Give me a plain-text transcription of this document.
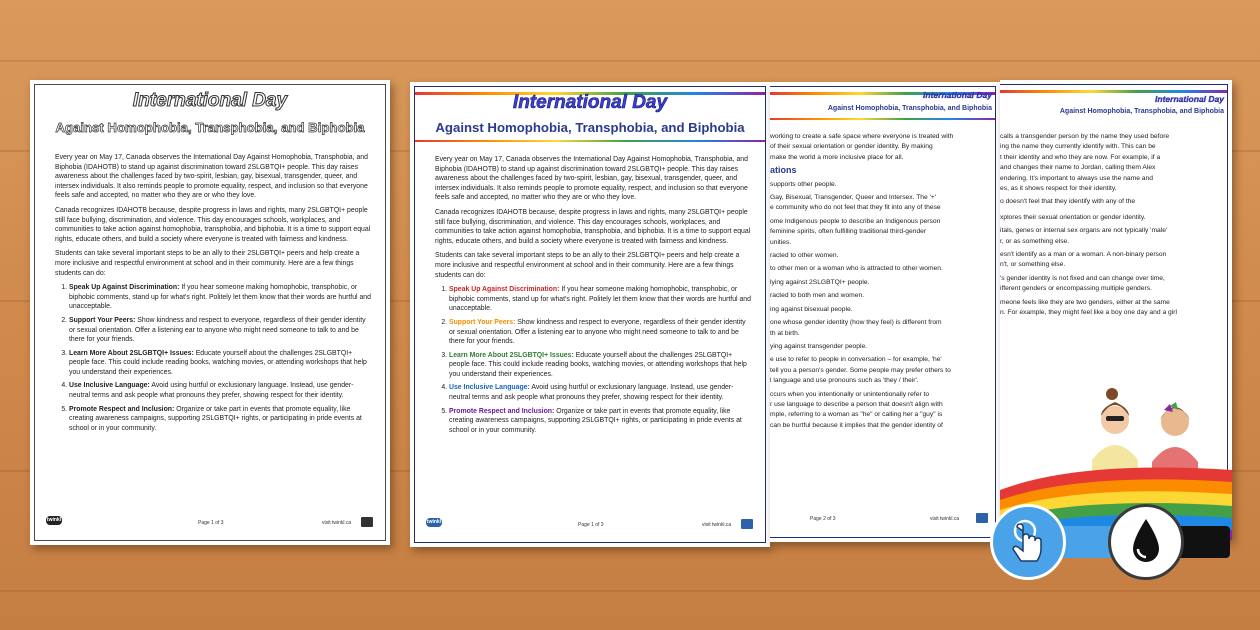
International Day
Against Homophobia, Transphobia, and Biphobia

Every year on May 17, Canada observes the International Day Against Homophobia, Transphobia, and Biphobia (IDAHOTB) to stand up against discrimination toward 2SLGBTQI+ people. This day raises awareness about the challenges faced by two-spirit, lesbian, gay, bisexual, transgender, queer, and intersex individuals. It also reminds people to promote equality, respect, and inclusion so that everyone feels safe and accepted, no matter who they are or who they love.

Canada recognizes IDAHOTB because, despite progress in laws and rights, many 2SLGBTQI+ people still face bullying, discrimination, and violence. This day encourages schools, workplaces, and communities to take action against homophobia, transphobia, and biphobia. It is a time to support equal rights, educate others, and build a society where everyone is treated with fairness and kindness.

Students can take several important steps to be an ally to their 2SLGBTQI+ peers and help create a more inclusive and respectful environment at school and in their community. Here are a few things students can do:

1. Speak Up Against Discrimination: If you hear someone making homophobic, transphobic, or biphobic comments, stand up for what's right. Politely let them know that their words are hurtful and unacceptable.
2. Support Your Peers: Show kindness and respect to everyone, regardless of their gender identity or sexual orientation. Offer a listening ear to anyone who might need someone to talk to and be there for your friends.
3. Learn More About 2SLGBTQI+ Issues: Educate yourself about the challenges 2SLGBTQI+ people face. This could include reading books, watching movies, or attending workshops that help you understand their experiences.
4. Use Inclusive Language: Avoid using hurtful or exclusionary language. Instead, use gender-neutral terms and ask people what pronouns they prefer, showing respect for their identity.
5. Promote Respect and Inclusion: Organize or take part in events that promote equality, like creating awareness campaigns, supporting 2SLGBTQI+ rights, or participating in pride events at school or in your community.
twinkl	Page 1 of 3	visit twinkl.ca
International Day
Against Homophobia, Transphobia, and Biphobia

Every year on May 17, Canada observes the International Day Against Homophobia, Transphobia, and Biphobia (IDAHOTB) to stand up against discrimination toward 2SLGBTQI+ people. This day raises awareness about the challenges faced by two-spirit, lesbian, gay, bisexual, transgender, queer, and intersex individuals. It also reminds people to promote equality, respect, and inclusion so that everyone feels safe and accepted, no matter who they are or who they love.

Canada recognizes IDAHOTB because, despite progress in laws and rights, many 2SLGBTQI+ people still face bullying, discrimination, and violence. This day encourages schools, workplaces, and communities to take action against homophobia, transphobia, and biphobia. It is a time to support equal rights, educate others, and build a society where everyone is treated with fairness and kindness.

Students can take several important steps to be an ally to their 2SLGBTQI+ peers and help create a more inclusive and respectful environment at school and in their community. Here are a few things students can do:

1. Speak Up Against Discrimination: If you hear someone making homophobic, transphobic, or biphobic comments, stand up for what's right. Politely let them know that their words are hurtful and unacceptable.
2. Support Your Peers: Show kindness and respect to everyone, regardless of their gender identity or sexual orientation. Offer a listening ear to anyone who might need someone to talk to and be there for your friends.
3. Learn More About 2SLGBTQI+ Issues: Educate yourself about the challenges 2SLGBTQI+ people face. This could include reading books, watching movies, or attending workshops that help you understand their experiences.
4. Use Inclusive Language: Avoid using hurtful or exclusionary language. Instead, use gender-neutral terms and ask people what pronouns they prefer, showing respect for their identity.
5. Promote Respect and Inclusion: Organize or take part in events that promote equality, like creating awareness campaigns, supporting 2SLGBTQI+ rights, or participating in pride events at school or in your community.
twinkl	Page 1 of 3	visit twinkl.ca
International Day
Against Homophobia, Transphobia, and Biphobia

working to create a safe space where everyone is treated with

of their sexual orientation or gender identity. By making

make the world a more inclusive place for all.

ations

supports other people.

Gay, Bisexual, Transgender, Queer and Intersex. The '+'

e community who do not feel that they fit into any of these

ome Indigenous people to describe an Indigenous person

feminine spirits, often fulfilling traditional third-gender

unities.

racted to other women.

to other men or a woman who is attracted to other women.

lying against 2SLGBTQI+ people.

racted to both men and women.

ing against bisexual people.

one whose gender identity (how they feel) is different from

th at birth.

ying against transgender people.

e use to refer to people in conversation – for example, 'he'

tell you a person's gender. Some people may prefer others to

l language and use pronouns such as 'they / their'.

ccurs when you intentionally or unintentionally refer to

r use language to describe a person that doesn't align with

mple, referring to a woman as "he" or calling her a "guy" is

can be hurtful because it implies that the gender identity of

Page 2 of 3	visit twinkl.ca
International Day
Against Homophobia, Transphobia, and Biphobia

calls a transgender person by the name they used before

ing the name they currently identify with. This can be

t their identity and who they are now. For example, if a

and changes their name to Jordan, calling them Alex

endering. It's important to always use the name and

es, as it shows respect for their identity.

o doesn't feel that they identify with any of the

xplores their sexual orientation or gender identity.

itals, genes or internal sex organs are not typically 'male'

r, or as something else.

esn't identify as a man or a woman. A non-binary person

n't, or something else.

's gender identity is not fixed and can change over time,

ifferent genders or encompassing multiple genders.

meone feels like they are two genders, either at the same

n. For example, they might feel like a boy one day and a girl
